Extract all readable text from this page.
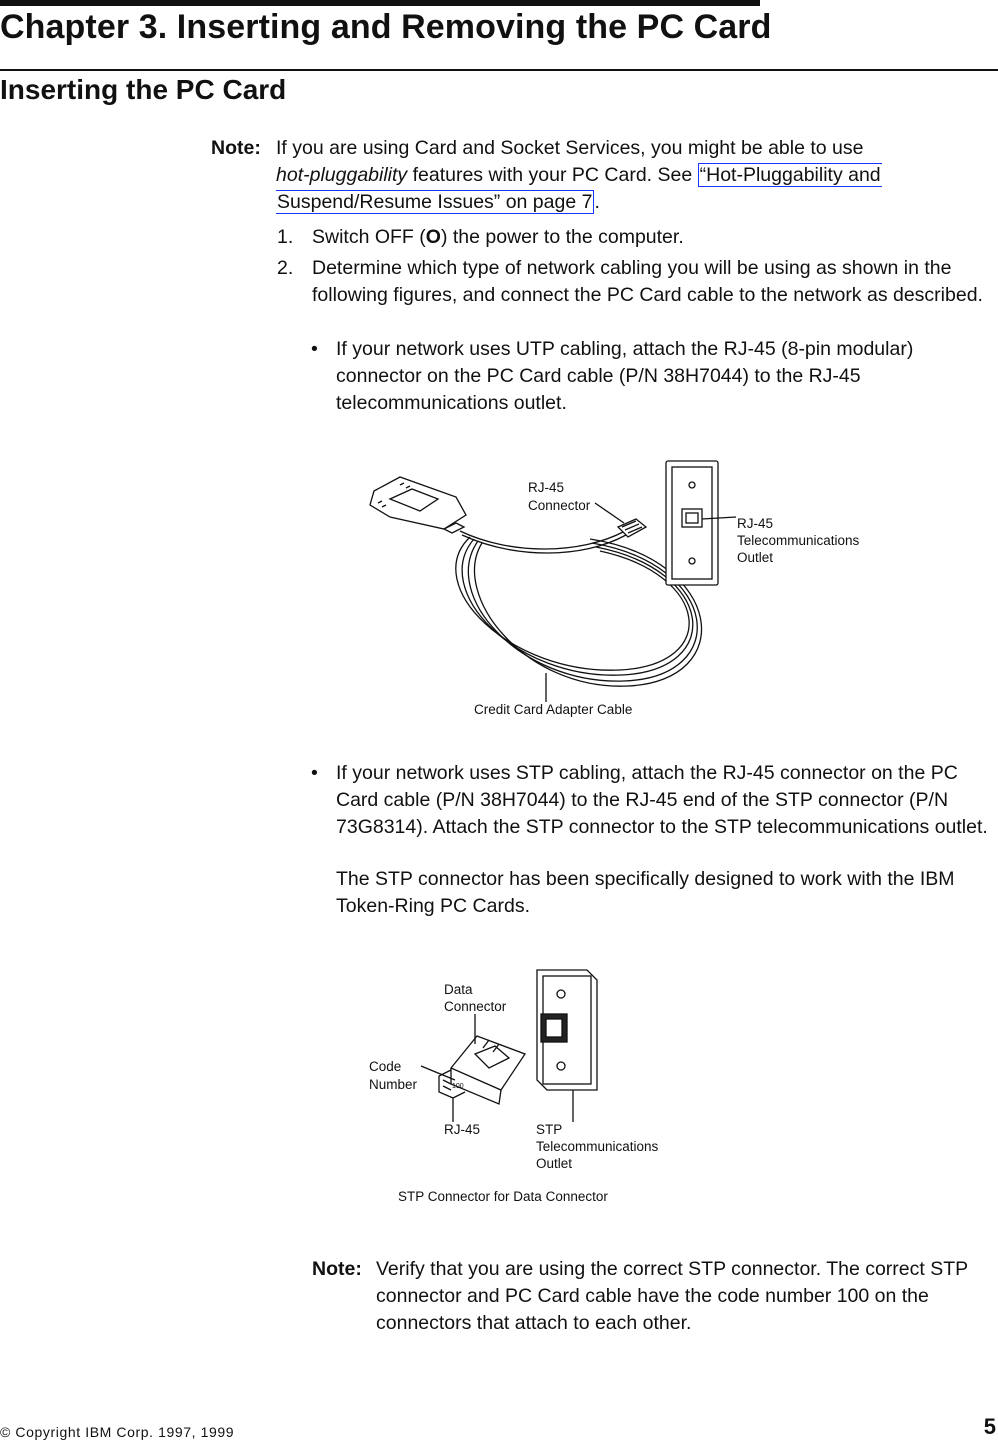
Chapter 3. Inserting and Removing the PC Card
Inserting the PC Card
Note: If you are using Card and Socket Services, you might be able to use
hot-pluggability features with your PC Card. See “Hot-Pluggability and
Suspend/Resume Issues” on page 7 .
1. Switch OFF (O) the power to the computer.
2. Determine which type of network cabling you will be using as shown in the following figures, and connect the PC Card cable to the network as described.
• If your network uses UTP cabling, attach the RJ-45 (8-pin modular) connector on the PC Card cable (P/N 38H7044) to the RJ-45 telecommunications outlet.
RJ-45
Connector
RJ-45
Telecommunications
Outlet
Credit Card Adapter Cable
• If your network uses STP cabling, attach the RJ-45 connector on the PC Card cable (P/N 38H7044) to the RJ-45 end of the STP connector (P/N 73G8314). Attach the STP connector to the STP telecommunications outlet.
The STP connector has been specifically designed to work with the IBM Token-Ring PC Cards.
100
Data
Connector
Code
Number
RJ-45	STP
Telecommunications
Outlet
STP Connector for Data Connector
Note: Verify that you are using the correct STP connector. The correct STP connector and PC Card cable have the code number 100 on the connectors that attach to each other.
© Copyright IBM Corp. 1997, 1999	5
